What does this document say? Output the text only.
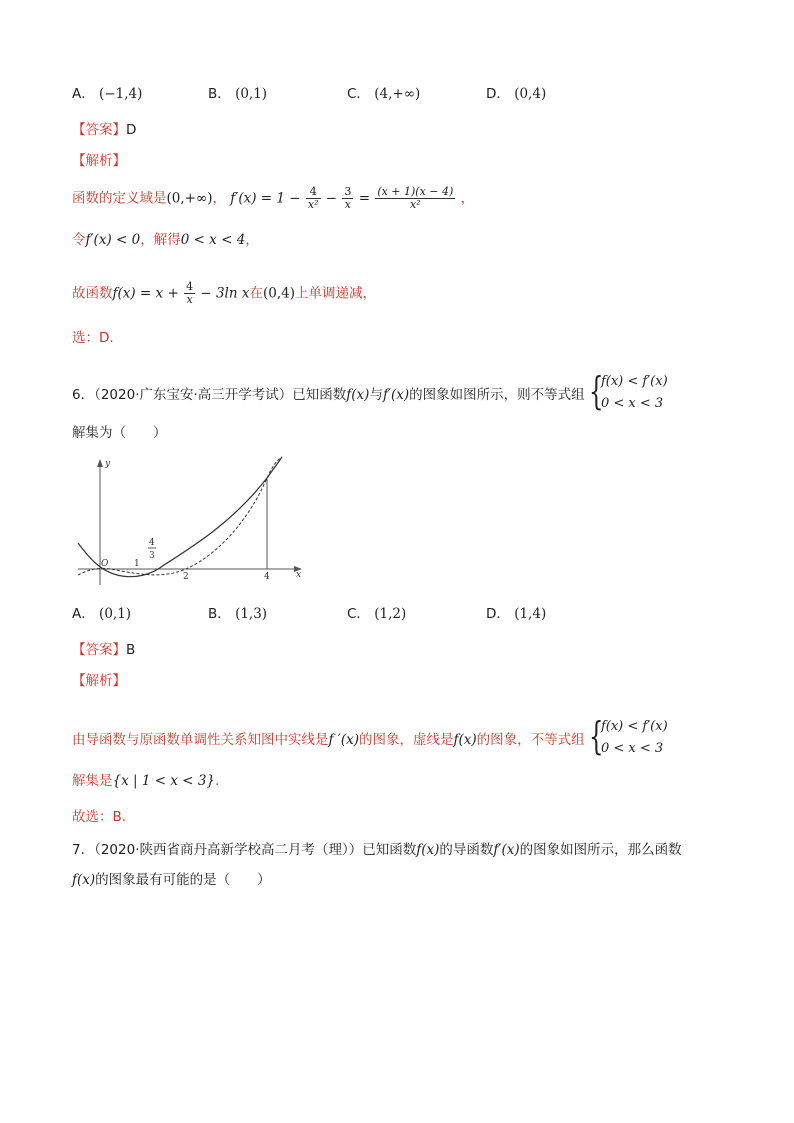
A． (−1,4)	B． (0,1)	C． (4,+∞)	D． (0,4)
【答案】D
【解析】
函数的定义域是(0,+∞)， $f'(x) = 1 - \frac{4}{\text{x²}} - \frac{3}{x} = \frac{(x + 1)(x - 4)}{\text{x²}}$ ，
令f′(x) < 0，解得0 < x < 4，
故函数$f(x) = x + \frac{4}{x} - 3\ln$ x在(0,4)上单调递减，
选：D.
6．（2020·广东宝安·高三开学考试）已知函数f(x)与f′(x)的图象如图所示，则不等式组 {
f(x) < f′(x)
0 < x < 3
解集为（　　）
y
x
O	1
4
3
2	4
A． (0,1)	B． (1,3)	C． (1,2)	D． (1,4)
【答案】B
【解析】
由导函数与原函数单调性关系知图中实线是f ′(x)的图象，虚线是f(x)的图象，不等式组 {
f(x) < f′(x)
0 < x < 3
解集是{x | 1 < x < 3}.
故选：B.
7．（2020·陕西省商丹高新学校高二月考（理））已知函数f(x)的导函数f′(x)的图象如图所示，那么函数
f(x)的图象最有可能的是（　　）
